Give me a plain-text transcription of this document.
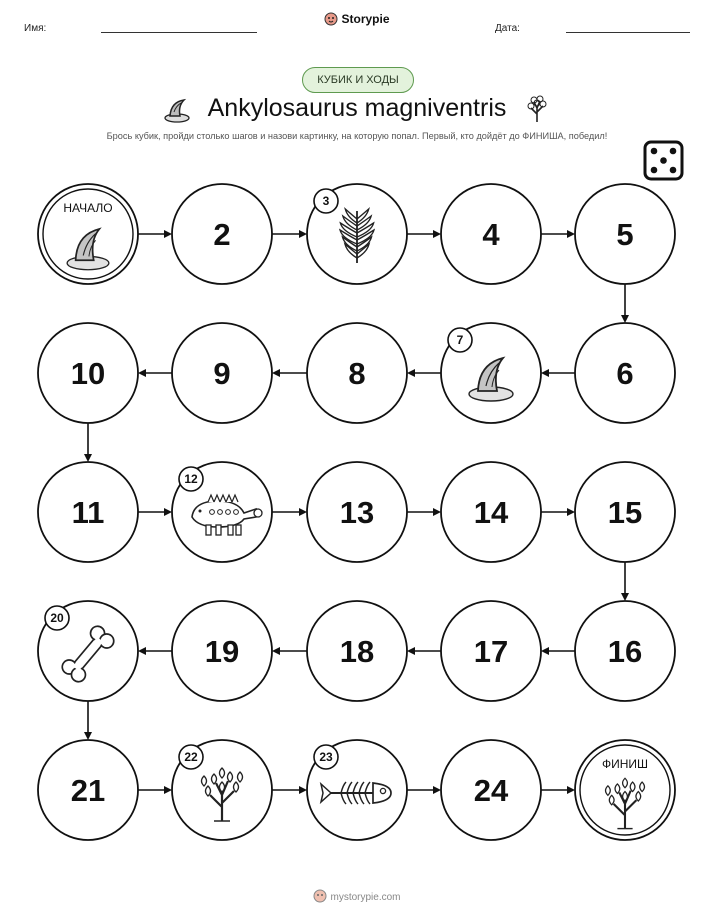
Имя:
Storypie
Дата:
КУБИК И ХОДЫ
Ankylosaurus magniventris
Брось кубик, пройди столько шагов и назови картинку, на которую попал. Первый, кто дойдёт до ФИНИША, победил!
НАЧАЛО
2
3
4	5
6
7
8
9
10
11
12
13	14	15
16
17
18
19
20
21
22	23
24
ФИНИШ
mystorypie.com
